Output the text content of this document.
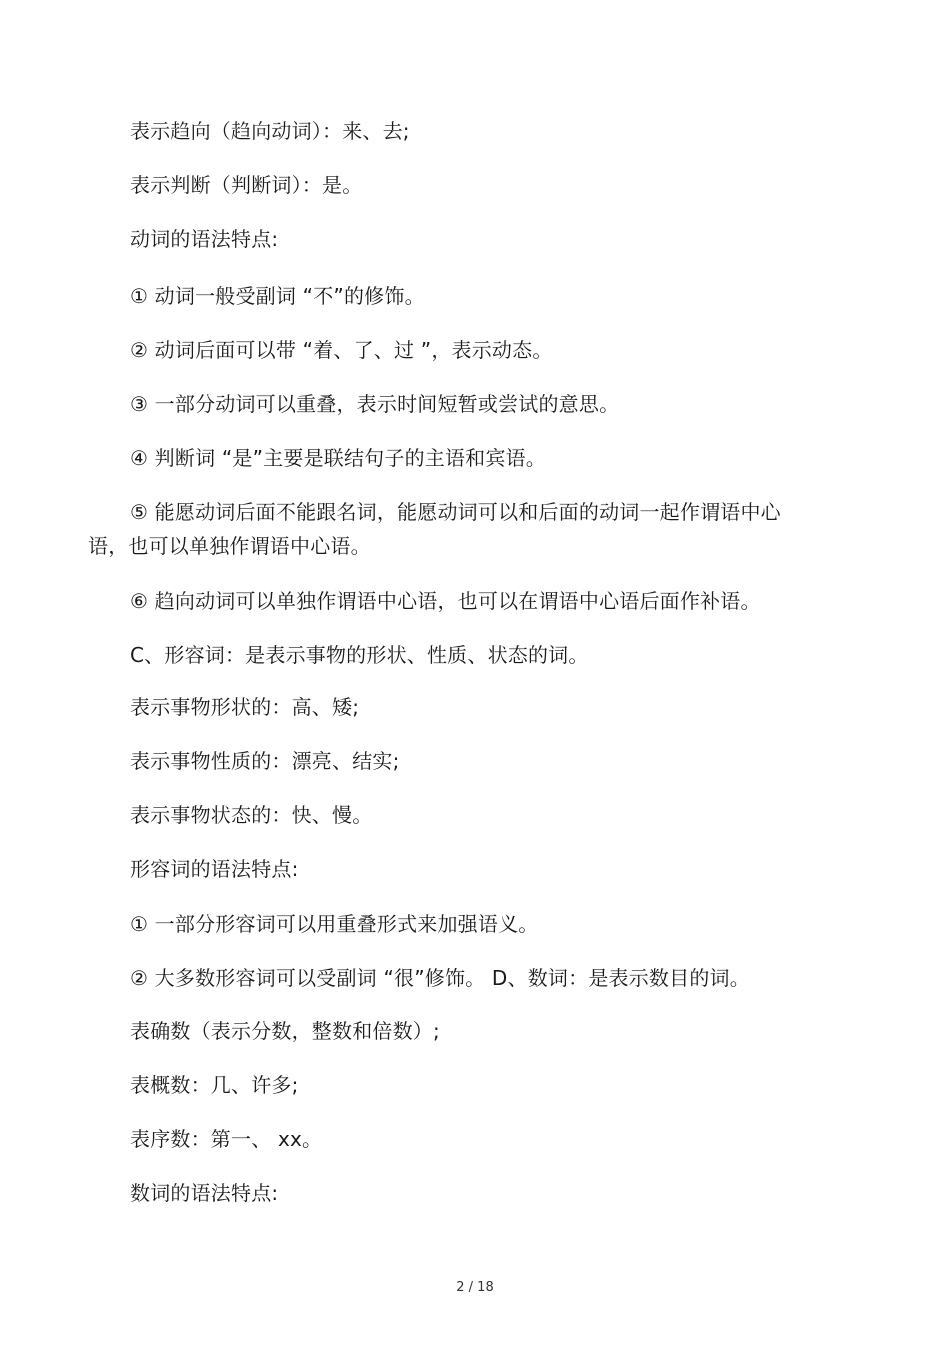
表示趋向（趋向动词）：来、去;
表示判断（判断词）：是。
动词的语法特点:
① 动词一般受副词 “不”的修饰。
② 动词后面可以带 “着、了、过 ”，表示动态。
③ 一部分动词可以重叠，表示时间短暂或尝试的意思。
④ 判断词 “是”主要是联结句子的主语和宾语。
⑤ 能愿动词后面不能跟名词，能愿动词可以和后面的动词一起作谓语中心语，也可以单独作谓语中心语。
⑥ 趋向动词可以单独作谓语中心语，也可以在谓语中心语后面作补语。
C、形容词：是表示事物的形状、性质、状态的词。
表示事物形状的：高、矮;
表示事物性质的：漂亮、结实;
表示事物状态的：快、慢。
形容词的语法特点:
① 一部分形容词可以用重叠形式来加强语义。
② 大多数形容词可以受副词 “很”修饰。 D、数词：是表示数目的词。
表确数（表示分数，整数和倍数）;
表概数：几、许多;
表序数：第一、 xx。
数词的语法特点:
2 / 18
